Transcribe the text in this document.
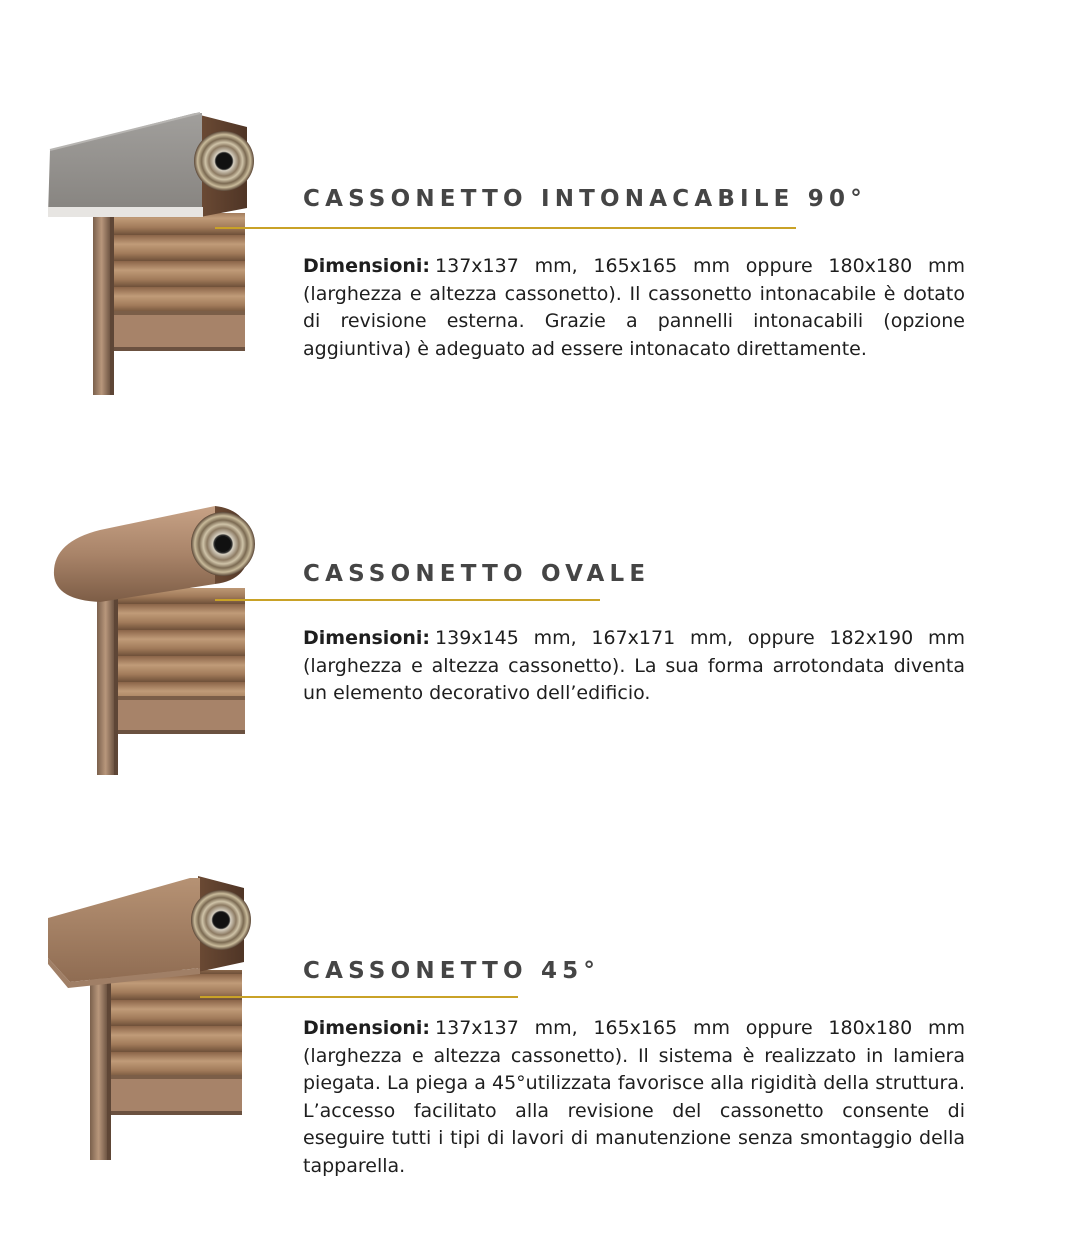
CASSONETTO INTONACABILE 90°

Dimensioni: 137x137 mm, 165x165 mm oppure 180x180 mm (larghezza e altezza cassonetto). Il cassonetto intonacabile è dotato di revisione esterna. Grazie a pannelli intonacabili (opzione aggiuntiva) è adeguato ad essere intonacato direttamente.

CASSONETTO OVALE

Dimensioni: 139x145 mm, 167x171 mm, oppure 182x190 mm (larghezza e altezza cassonetto). La sua forma arrotondata diventa un elemento decorativo dell’edificio.

CASSONETTO 45°

Dimensioni: 137x137 mm, 165x165 mm oppure 180x180 mm (larghezza e altezza cassonetto). Il sistema è realizzato in lamiera piegata. La piega a 45°utilizzata favorisce alla rigidità della struttura. L’accesso facilitato alla revisione del cassonetto consente di eseguire tutti i tipi di lavori di manutenzione senza smontaggio della tapparella.
